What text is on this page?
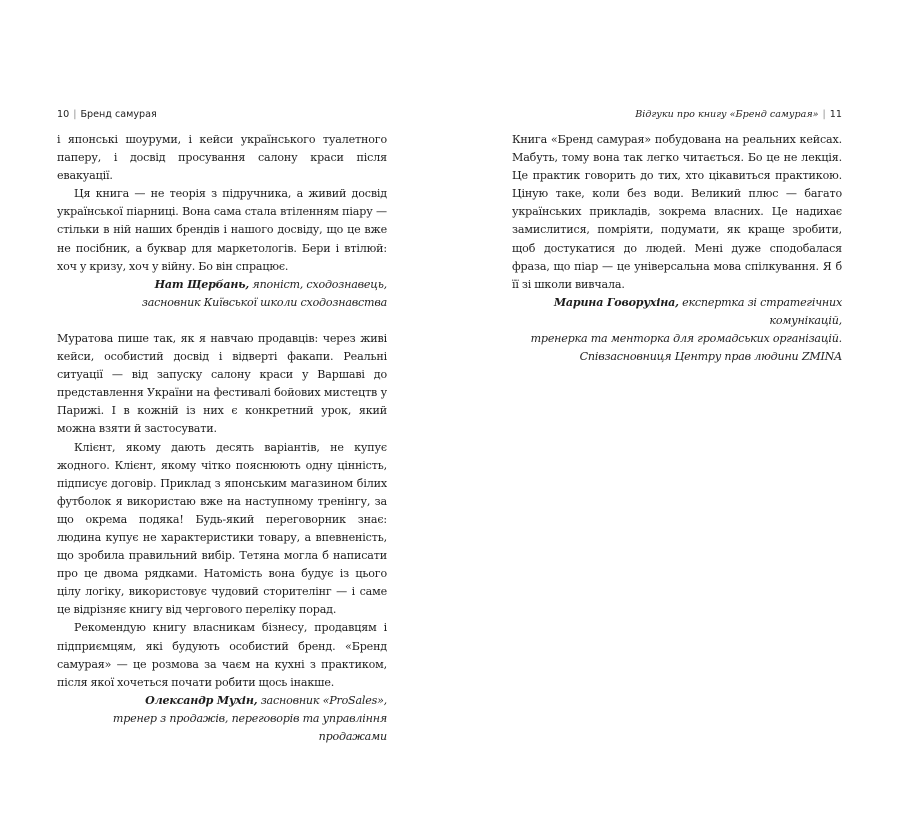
10 | Бренд самурая

і японські шоуруми, і кейси українського туалетного паперу, і досвід просування салону краси після евакуації.

Ця книга — не теорія з підручника, а живий досвід української піарниці. Вона сама стала втіленням піару — стільки в ній наших брендів і нашого досвіду, що це вже не посібник, а буквар для маркетологів. Бери і втілюй: хоч у кризу, хоч у війну. Бо він спрацює.

Нат Щербань, японіст, сходознавець,

засновник Київської школи сходознавства

Муратова пише так, як я навчаю продавців: через живі кейси, особистий досвід і відверті факапи. Реальні ситуації — від запуску салону краси у Варшаві до представлення України на фестивалі бойових мистецтв у Парижі. І в кожній із них є конкретний урок, який можна взяти й застосувати.

Клієнт, якому дають десять варіантів, не купує жодного. Клієнт, якому чітко пояснюють одну цінність, підписує договір. Приклад з японським магазином білих футболок я використаю вже на наступному тренінгу, за що окрема подяка! Будь-який переговорник знає: людина купує не характеристики товару, а впевненість, що зробила правильний вибір. Тетяна могла б написати про це двома рядками. Натомість вона будує із цього цілу логіку, використовує чудовий сторителінг — і саме це відрізняє книгу від чергового переліку порад.

Рекомендую книгу власникам бізнесу, продавцям і підприємцям, які будують особистий бренд. «Бренд самурая» — це розмова за чаєм на кухні з практиком, після якої хочеться почати робити щось інакше.

Олександр Мухін, засновник «ProSales»,

тренер з продажів, переговорів та управління продажами

Відгуки про книгу «Бренд самурая» | 11

Книга «Бренд самурая» побудована на реальних кейсах. Мабуть, тому вона так легко читається. Бо це не лекція. Це практик говорить до тих, хто цікавиться практикою. Ціную таке, коли без води. Великий плюс — багато українських прикладів, зокрема власних. Це надихає замислитися, помріяти, подумати, як краще зробити, щоб достукатися до людей. Мені дуже сподобалася фраза, що піар — це універсальна мова спілкування. Я б її зі школи вивчала.

Марина Говорухіна, експертка зі стратегічних комунікацій,

тренерка та менторка для громадських організацій.

Співзасновниця Центру прав людини ZMINA
